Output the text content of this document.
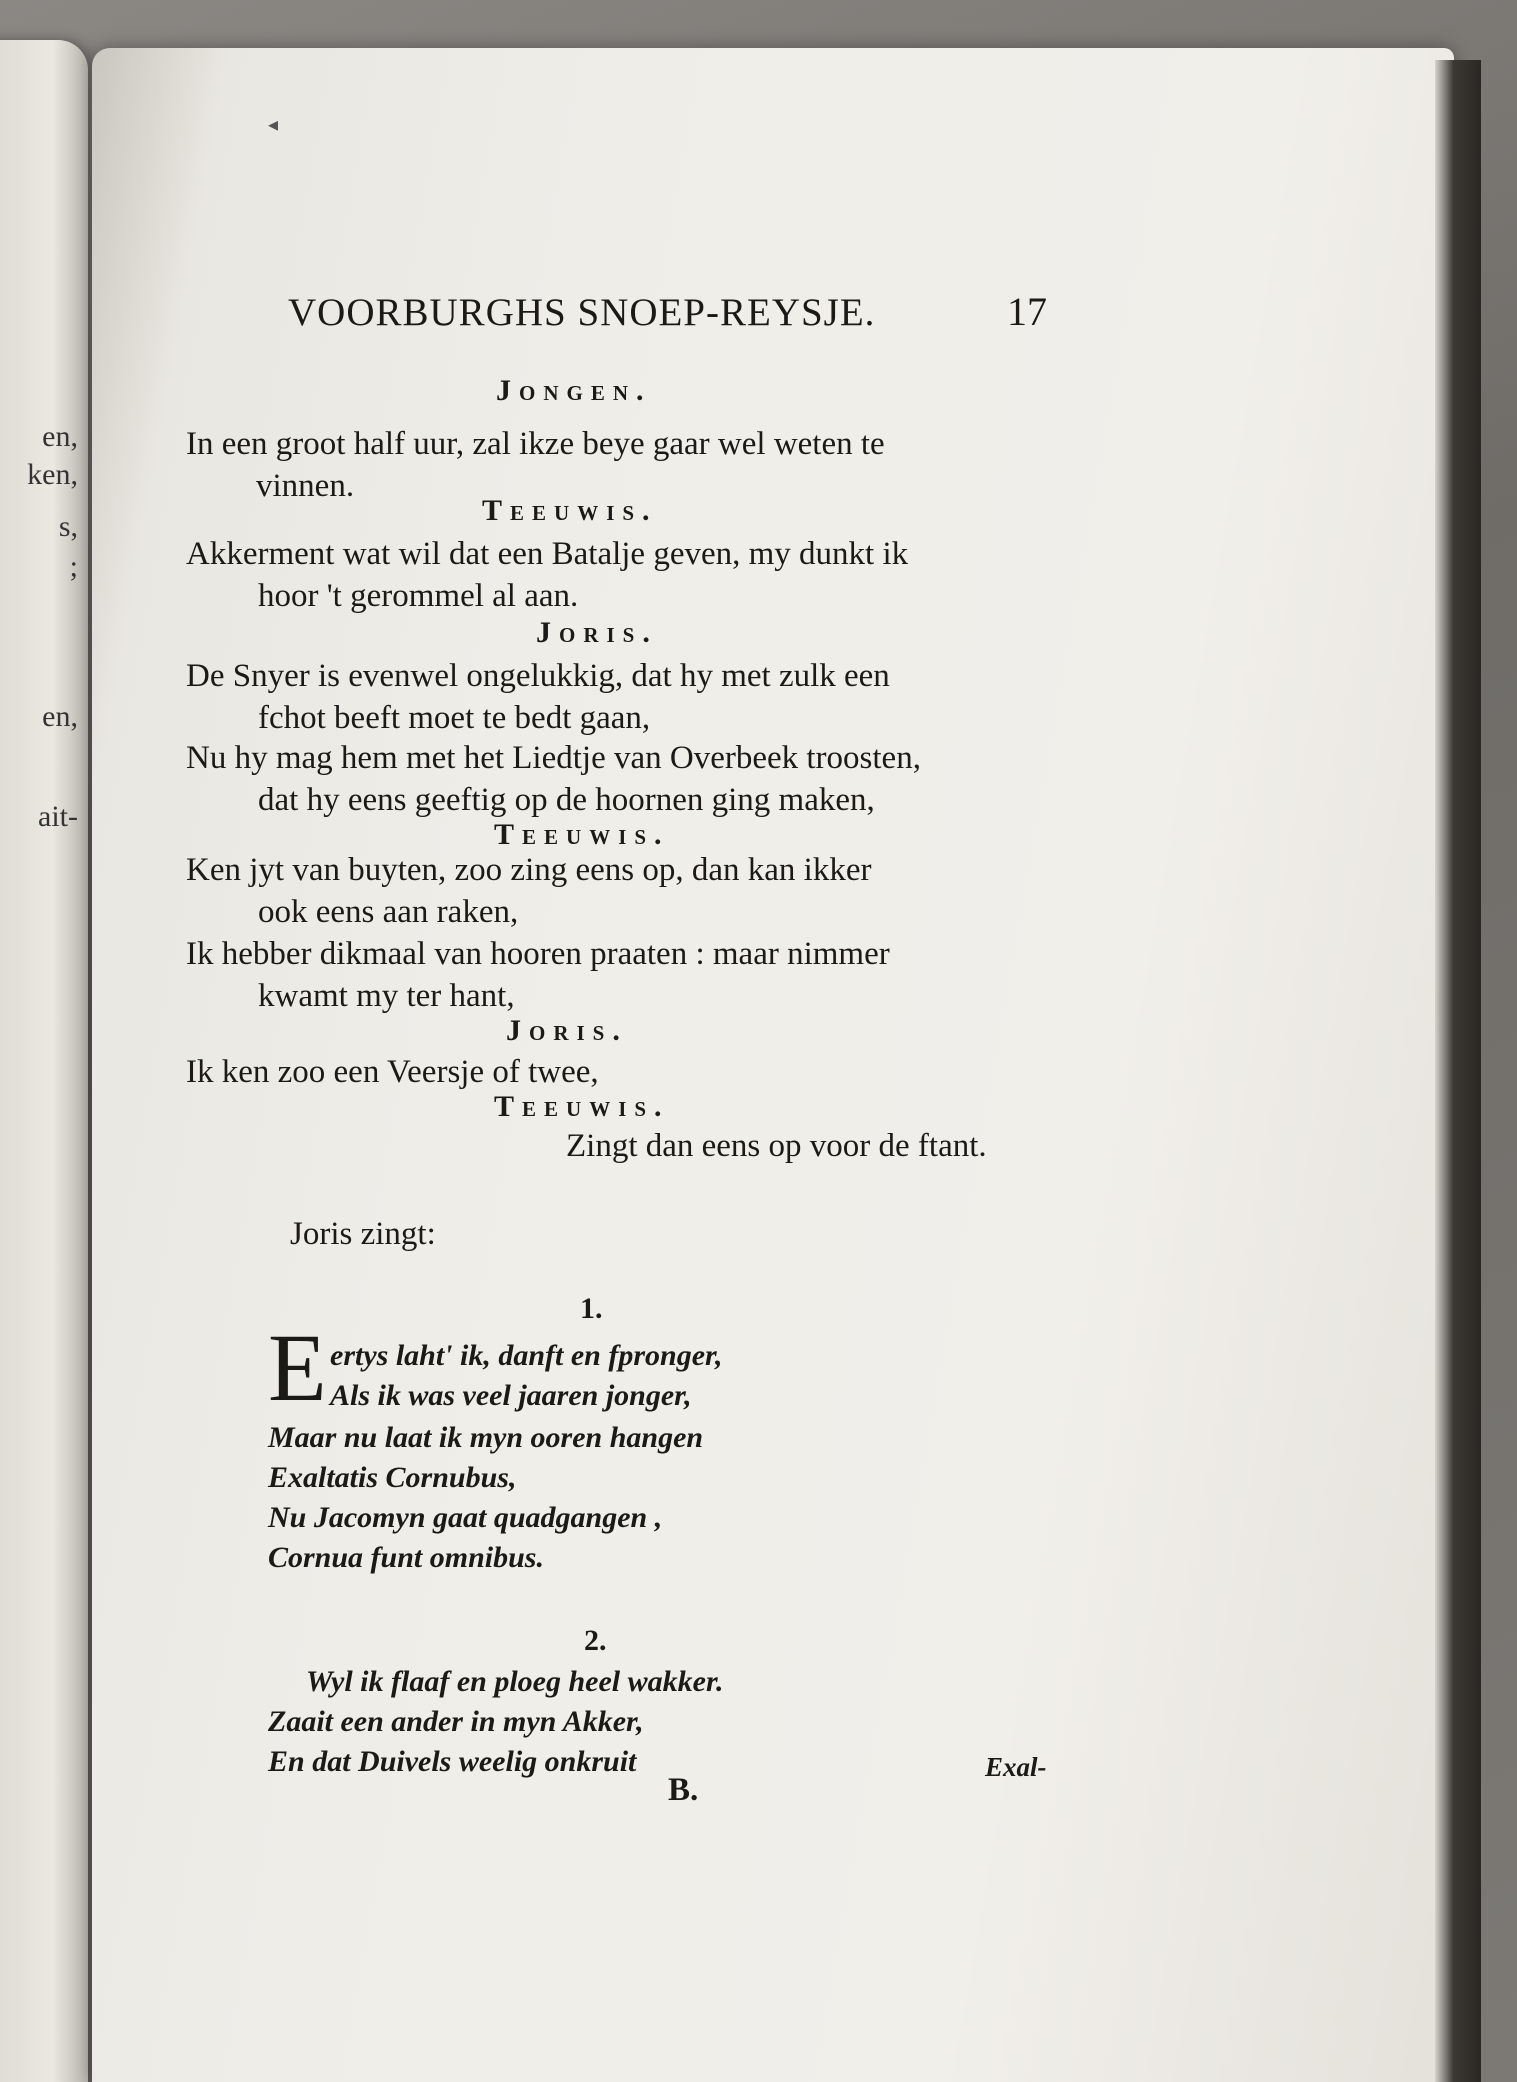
en,
ken,
s,
;
en,
ait-
◂
VOORBURGHS SNOEP-REYSJE.	17
Jongen.
In een groot half uur, zal ikze beye gaar wel weten te
vinnen.
Teeuwis.
Akkerment wat wil dat een Batalje geven, my dunkt ik
hoor 't gerommel al aan.
Joris.
De Snyer is evenwel ongelukkig, dat hy met zulk een
fchot beeft moet te bedt gaan,
Nu hy mag hem met het Liedtje van Overbeek troosten,
dat hy eens geeftig op de hoornen ging maken,
Teeuwis.
Ken jyt van buyten, zoo zing eens op, dan kan ikker
ook eens aan raken,
Ik hebber dikmaal van hooren praaten : maar nimmer
kwamt my ter hant,
Joris.
Ik ken zoo een Veersje of twee,
Teeuwis.
Zingt dan eens op voor de ftant.
Joris zingt:
1.
E ertys laht' ik, danft en fpronger,
Als ik was veel jaaren jonger,
Maar nu laat ik myn ooren hangen
Exaltatis Cornubus,
Nu Jacomyn gaat quadgangen ,
Cornua funt omnibus.
2.
Wyl ik flaaf en ploeg heel wakker.
Zaait een ander in myn Akker,
En dat Duivels weelig onkruit	Exal-
B.
